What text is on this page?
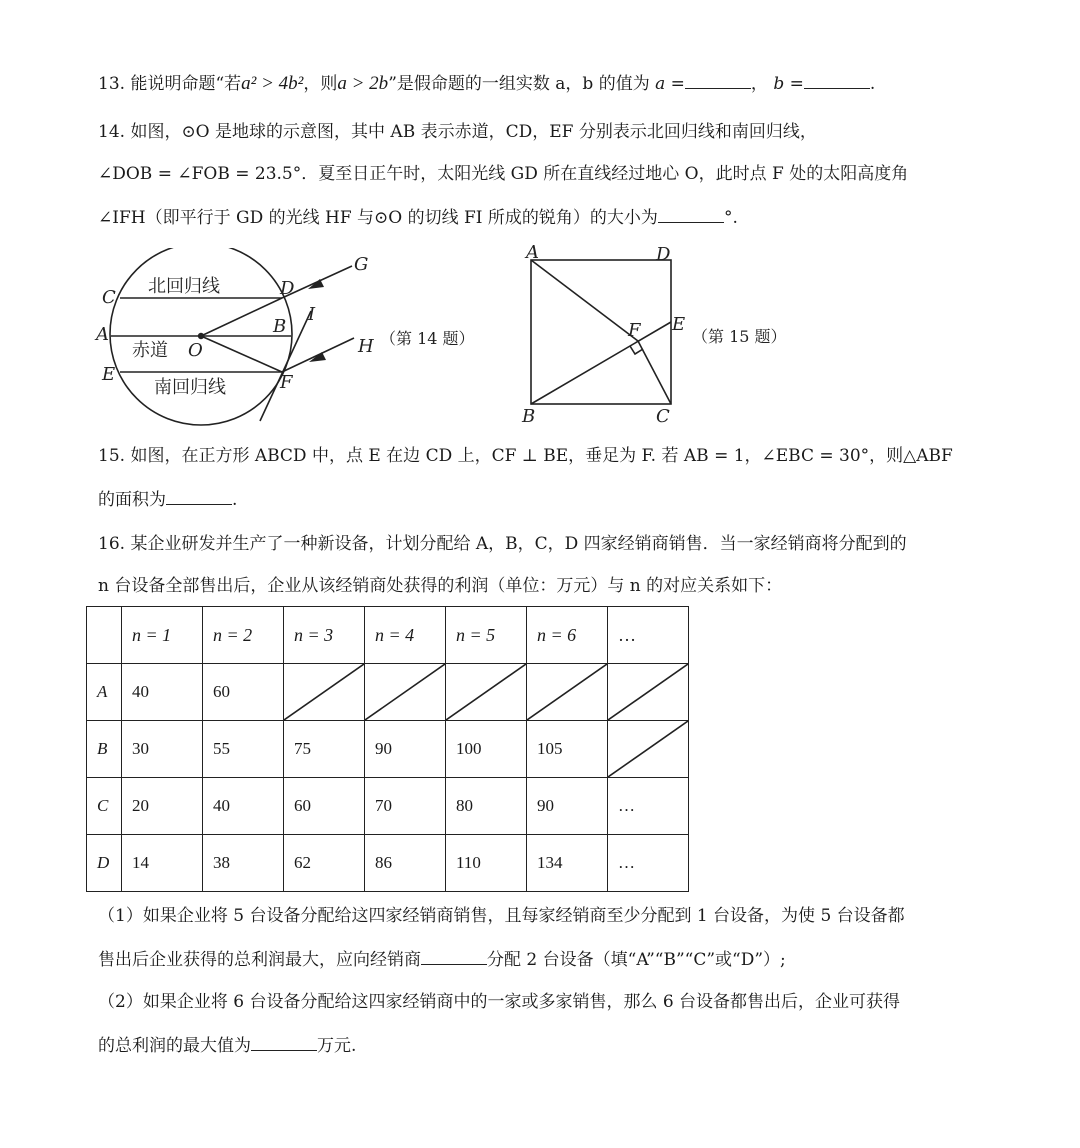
13. 能说明命题“若a² > 4b²，则a > 2b”是假命题的一组实数 a，b 的值为 a =	， b =	.
14. 如图，⊙O 是地球的示意图，其中 AB 表示赤道，CD，EF 分别表示北回归线和南回归线，
∠DOB = ∠FOB = 23.5°．夏至日正午时，太阳光线 GD 所在直线经过地心 O，此时点 F 处的太阳高度角
∠IFH（即平行于 GD 的光线 HF 与⊙O 的切线 FI 所成的锐角）的大小为	°.
北回归线
赤道
南回归线
C	D
A	B
O
E	F
G
H
I
（第 14 题）
A	D
E
F
B	C
（第 15 题）
15. 如图，在正方形 ABCD 中，点 E 在边 CD 上，CF ⊥ BE，垂足为 F. 若 AB = 1，∠EBC = 30°，则△ABF
的面积为	.
16. 某企业研发并生产了一种新设备，计划分配给 A，B，C，D 四家经销商销售．当一家经销商将分配到的
n 台设备全部售出后，企业从该经销商处获得的利润（单位：万元）与 n 的对应关系如下：
	n = 1	n = 2	n = 3	n = 4	n = 5	n = 6	…
A	40	60	

B	30	55	75	90	100	105	

C	20	40	60	70	80	90	…
D	14	38	62	86	110	134	…
（1）如果企业将 5 台设备分配给这四家经销商销售，且每家经销商至少分配到 1 台设备，为使 5 台设备都
售出后企业获得的总利润最大，应向经销商	分配 2 台设备（填“A”“B”“C”或“D”）;
（2）如果企业将 6 台设备分配给这四家经销商中的一家或多家销售，那么 6 台设备都售出后，企业可获得
的总利润的最大值为	万元.
